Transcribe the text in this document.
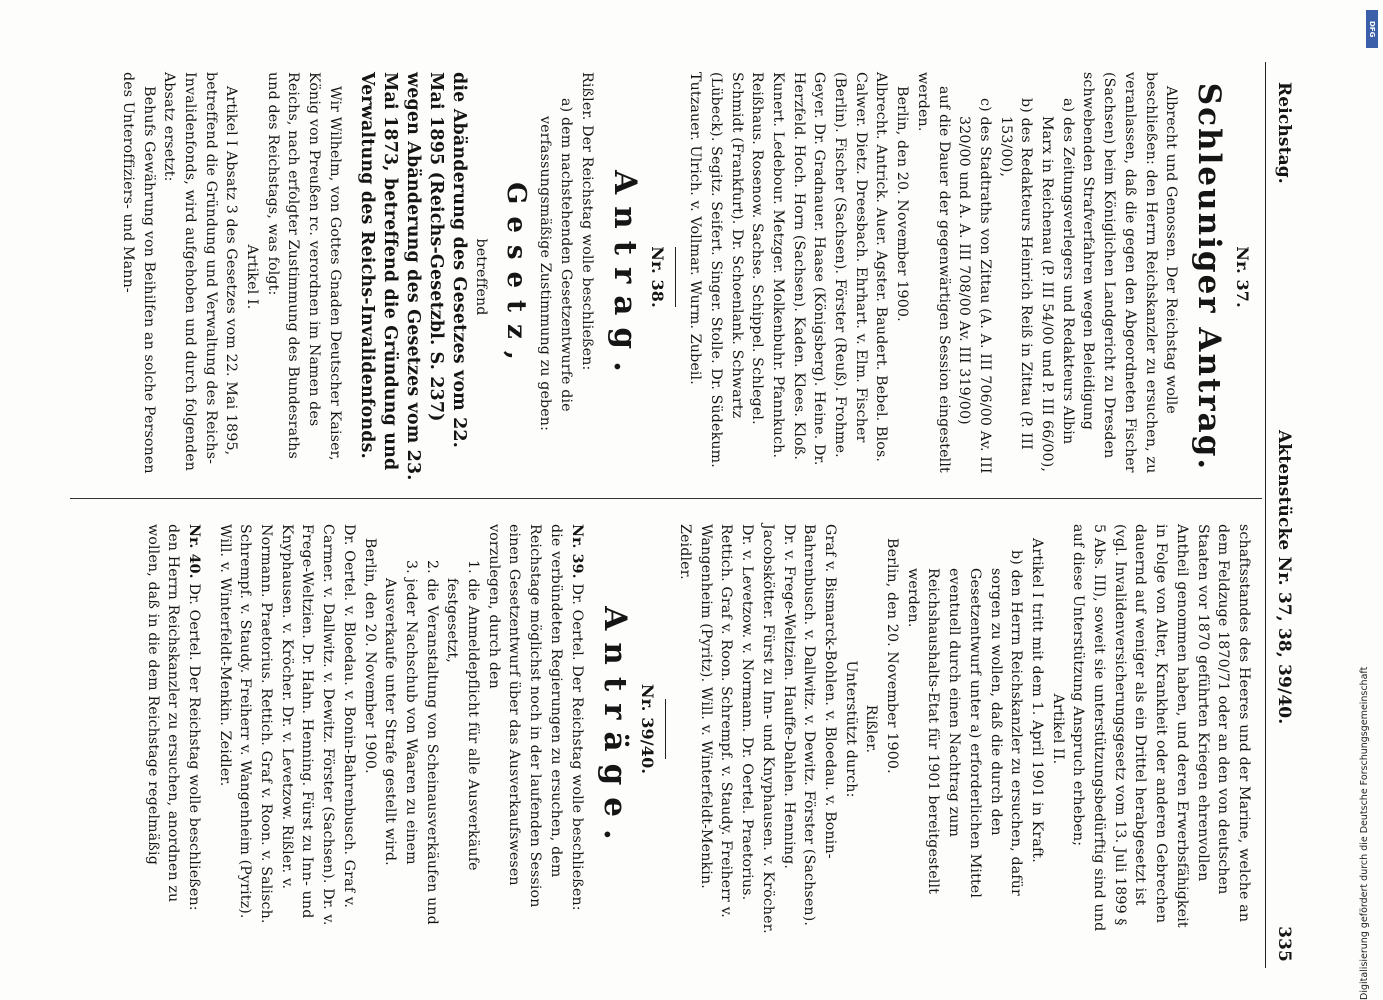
Reichstag.
Aktenstücke Nr. 37, 38, 39/40.
335

Nr. 37.

Schleuniger Antrag.

Albrecht und Genossen. Der Reichstag wolle beschließen: den Herrn Reichskanzler zu ersuchen, zu veranlassen, daß die gegen den Abgeordneten Fischer (Sachsen) beim Königlichen Landgericht zu Dresden schwebenden Strafverfahren wegen Beleidigung

a) des Zeitungsverlegers und Redakteurs Albin Marx in Reichenau (P. III 54/00 und P. III 66/00),

b) des Redakteurs Heinrich Reiß in Zittau (P. III 153/00),

c) des Stadtraths von Zittau (A. A. III 706/00 Av. III 320/00 und A. A. III 708/00 Av. III 319/00)

auf die Dauer der gegenwärtigen Session eingestellt werden.

Berlin, den 20. November 1900.

Albrecht. Antrick. Auer. Agster. Baudert. Bebel. Blos. Calwer. Dietz. Dreesbach. Ehrhart. v. Elm. Fischer (Berlin). Fischer (Sachsen). Förster (Reuß). Frohme. Geyer. Dr. Gradnauer. Haase (Königsberg). Heine. Dr. Herzfeld. Hoch. Horn (Sachsen). Kaden. Klees. Kloß. Kunert. Ledebour. Metzger. Molkenbuhr. Pfannkuch. Reißhaus. Rosenow. Sachse. Schippel. Schlegel. Schmidt (Frankfurt). Dr. Schoenlank. Schwartz (Lübeck). Segitz. Seifert. Singer. Stolle. Dr. Südekum. Tutzauer. Ulrich. v. Vollmar. Wurm. Zubeil.

Nr. 38.

Antrag.

Rißler. Der Reichstag wolle beschließen:

a) dem nachstehenden Gesetzentwurfe die verfassungsmäßige Zustimmung zu geben:

Gesetz,

betreffend

die Abänderung des Gesetzes vom 22. Mai 1895 (Reichs-Gesetzbl. S. 237) wegen Abänderung des Gesetzes vom 23. Mai 1873, betreffend die Gründung und Verwaltung des Reichs-Invalidenfonds.

Wir Wilhelm, von Gottes Gnaden Deutscher Kaiser, König von Preußen rc. verordnen im Namen des Reichs, nach erfolgter Zustimmung des Bundesraths und des Reichstags, was folgt:

Artikel I.

Artikel I Absatz 3 des Gesetzes vom 22. Mai 1895, betreffend die Gründung und Verwaltung des Reichs-Invalidenfonds, wird aufgehoben und durch folgenden Absatz ersetzt:

Behufs Gewährung von Beihilfen an solche Personen des Unteroffiziers- und Mann-

schaftsstandes des Heeres und der Marine, welche an dem Feldzuge 1870/71 oder an den von deutschen Staaten vor 1870 geführten Kriegen ehrenvollen Antheil genommen haben, und deren Erwerbsfähigkeit in Folge von Alter, Krankheit oder anderen Gebrechen dauernd auf weniger als ein Drittel herabgesetzt ist (vgl. Invalidenversicherungsgesetz vom 13. Juli 1899 § 5 Abs. III), soweit sie unterstützungsbedürftig sind und auf diese Unterstützung Anspruch erheben;

Artikel II.

Artikel I tritt mit dem 1. April 1901 in Kraft.

b) den Herrn Reichskanzler zu ersuchen, dafür sorgen zu wollen, daß die durch den Gesetzentwurf unter a) erforderlichen Mittel eventuell durch einen Nachtrag zum Reichshaushalts-Etat für 1901 bereitgestellt werden.

Berlin, den 20. November 1900.

Rißler.

Unterstützt durch:

Graf v. Bismarck-Bohlen. v. Bloedau. v. Bonin-Bahrenbusch. v. Dallwitz. v. Dewitz. Förster (Sachsen). Dr. v. Frege-Weltzien. Hauffe-Dahlen. Henning. Jacobskötter. Fürst zu Inn- und Knyphausen. v. Kröcher. Dr. v. Levetzow. v. Normann. Dr. Oertel. Praetorius. Rettich. Graf v. Roon. Schrempf. v. Staudy. Freiherr v. Wangenheim (Pyritz). Will. v. Winterfeldt-Menkin. Zeidler.

Nr. 39/40.

Anträge.

Nr. 39. Dr. Oertel. Der Reichstag wolle beschließen: die verbündeten Regierungen zu ersuchen, dem Reichstage möglichst noch in der laufenden Session einen Gesetzentwurf über das Ausverkaufswesen vorzulegen, durch den

1. die Anmeldepflicht für alle Ausverkäufe festgesetzt,

2. die Veranstaltung von Scheinausverkäufen und

3. jeder Nachschub von Waaren zu einem Ausverkaufe unter Strafe gestellt wird.

Berlin, den 20. November 1900.

Dr. Oertel. v. Bloedau. v. Bonin-Bahrenbusch. Graf v. Carmer. v. Dallwitz. v. Dewitz. Förster (Sachsen). Dr. v. Frege-Weltzien. Dr. Hahn. Henning. Fürst zu Inn- und Knyphausen. v. Kröcher. Dr. v. Levetzow. Rißler. v. Normann. Praetorius. Rettich. Graf v. Roon. v. Salisch. Schrempf. v. Staudy. Freiherr v. Wangenheim (Pyritz). Will. v. Winterfeldt-Menkin. Zeidler.

Nr. 40. Dr. Oertel. Der Reichstag wolle beschließen: den Herrn Reichskanzler zu ersuchen, anordnen zu wollen, daß in die dem Reichstage regelmäßig

DFG
Digitalisierung gefördert durch die Deutsche Forschungsgemeinschaft
